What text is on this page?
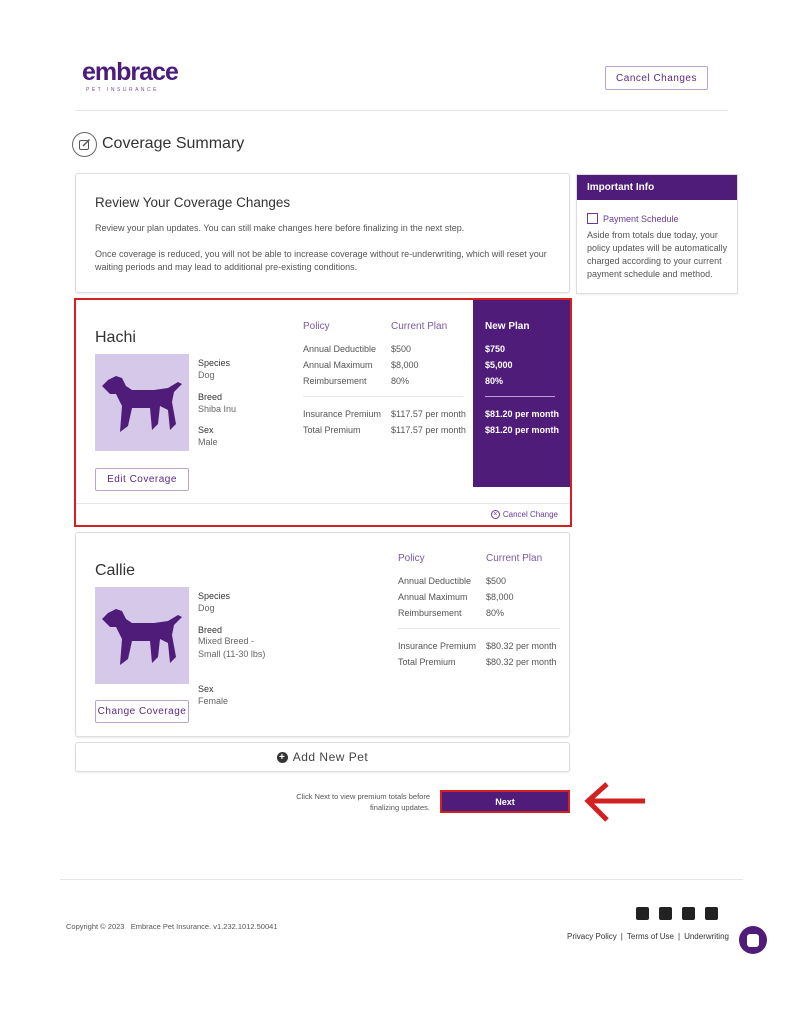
embrace
PET INSURANCE
Cancel Changes
Coverage Summary
Review Your Coverage Changes
Review your plan updates. You can still make changes here before finalizing in the next step.
Once coverage is reduced, you will not be able to increase coverage without re-underwriting, which will reset your waiting periods and may lead to additional pre-existing conditions.
Important Info
Payment Schedule
Aside from totals due today, your policy updates will be automatically charged according to your current payment schedule and method.
Hachi
Species
Dog
Breed
Shiba Inu
Sex
Male
Edit Coverage
Policy	Current Plan
Annual Deductible
Annual Maximum
Reimbursement
$500
$8,000
80%
Insurance Premium
Total Premium
$117.57 per month
$117.57 per month
New Plan
$750
$5,000
80%
$81.20 per month
$81.20 per month
× Cancel Change
Callie
Species
Dog
Breed
Mixed Breed - Small (11-30 lbs)
Sex
Female
Change Coverage
Policy	Current Plan
Annual Deductible
Annual Maximum
Reimbursement
$500
$8,000
80%
Insurance Premium
Total Premium
$80.32 per month
$80.32 per month
+ Add New Pet
Click Next to view premium totals before finalizing updates.
Next
Copyright © 2023   Embrace Pet Insurance. v1.232.1012.50041
Privacy Policy | Terms of Use | Underwriting
